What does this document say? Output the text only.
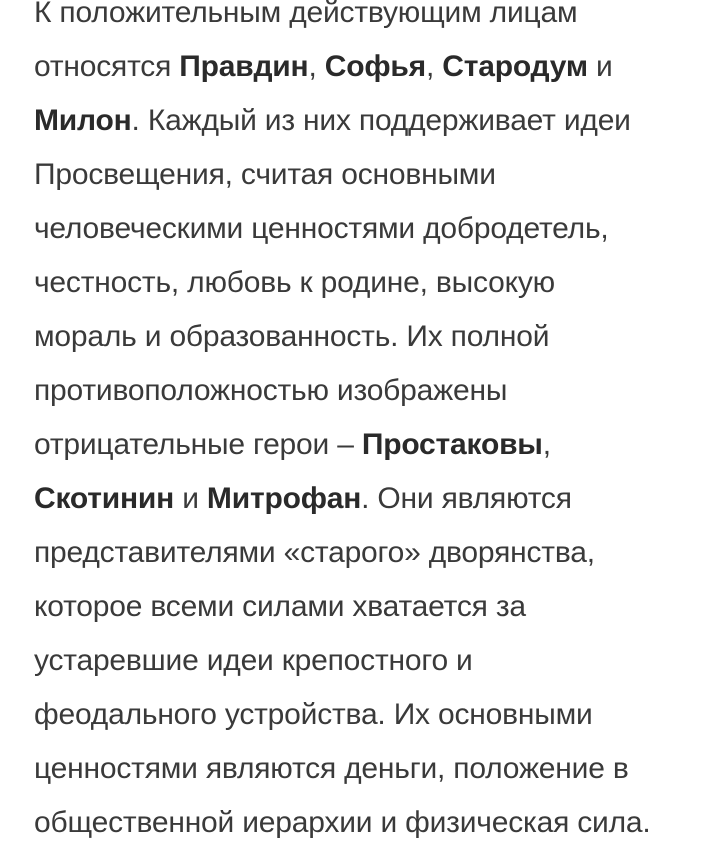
К положительным действующим лицам
относятся Правдин, Софья, Стародум и
Милон. Каждый из них поддерживает идеи
Просвещения, считая основными
человеческими ценностями добродетель,
честность, любовь к родине, высокую
мораль и образованность. Их полной
противоположностью изображены
отрицательные герои – Простаковы,
Скотинин и Митрофан. Они являются
представителями «старого» дворянства,
которое всеми силами хватается за
устаревшие идеи крепостного и
феодального устройства. Их основными
ценностями являются деньги, положение в
общественной иерархии и физическая сила.
